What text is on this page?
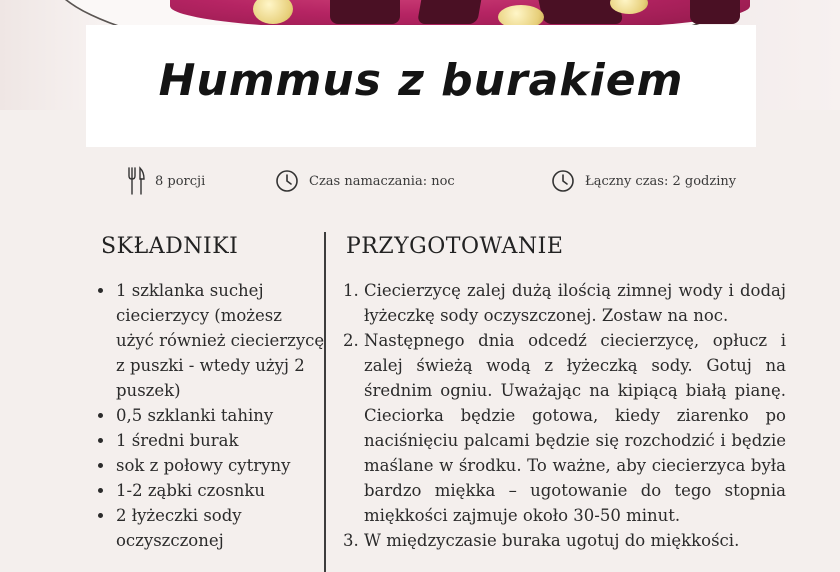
Hummus z burakiem
8 porcji	Czas namaczania: noc	Łączny czas: 2 godziny
SKŁADNIKI	PRZYGOTOWANIE
• 1 szklanka suchej ciecierzycy (możesz użyć również ciecierzycę z puszki - wtedy użyj 2 puszek)
• 0,5 szklanki tahiny
• 1 średni burak
• sok z połowy cytryny
• 1-2 ząbki czosnku
• 2 łyżeczki sody oczyszczonej
1. Ciecierzycę zalej dużą ilością zimnej wody i dodaj łyżeczkę sody oczyszczonej. Zostaw na noc.
2. Następnego dnia odcedź ciecierzycę, opłucz i zalej świeżą wodą z łyżeczką sody. Gotuj na średnim ogniu. Uważając na kipiącą białą pianę. Cieciorka będzie gotowa, kiedy ziarenko po naciśnięciu palcami będzie się rozchodzić i będzie maślane w środku. To ważne, aby ciecierzyca była bardzo miękka – ugotowanie do tego stopnia miękkości zajmuje około 30-50 minut.
3. W międzyczasie buraka ugotuj do miękkości.
